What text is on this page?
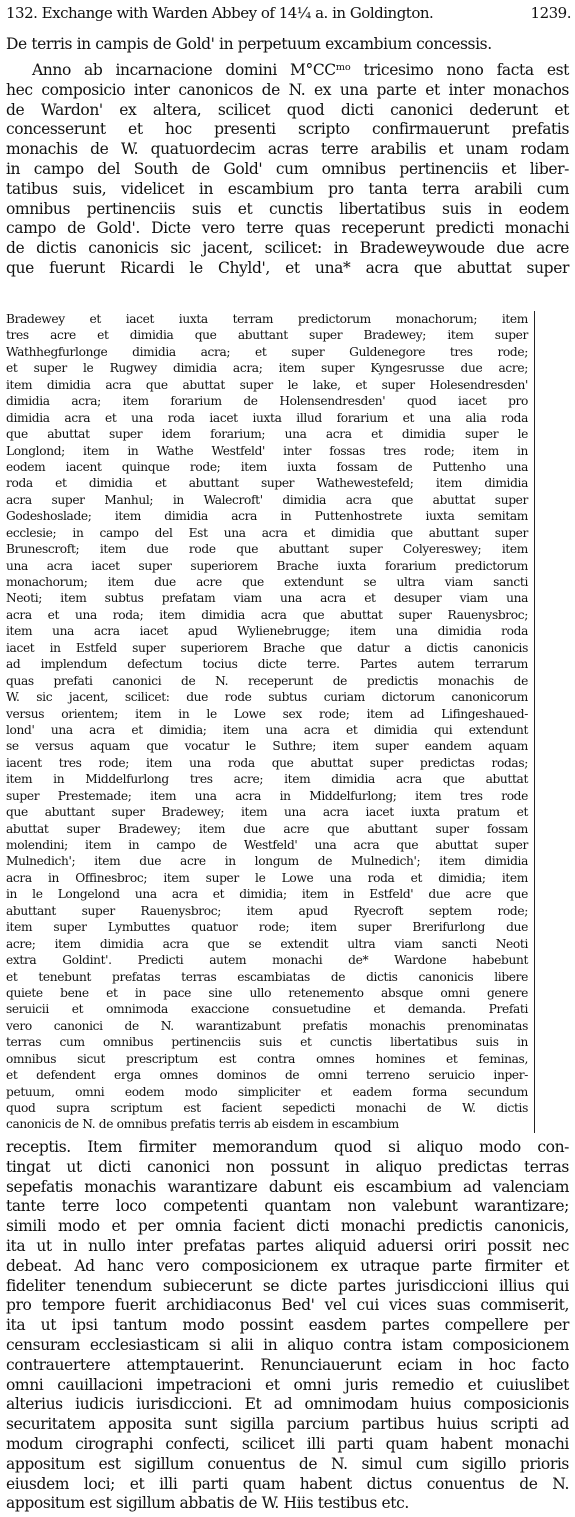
132. Exchange with Warden Abbey of 14¼ a. in Goldington.	1239.
De terris in campis de Gold' in perpetuum excambium concessis.
Anno ab incarnacione domini M°CCᵐᵒ tricesimo nono facta est
hec composicio inter canonicos de N. ex una parte et inter monachos
de Wardon' ex altera, scilicet quod dicti canonici dederunt et
concesserunt et hoc presenti scripto confirmauerunt prefatis
monachis de W. quatuordecim acras terre arabilis et unam rodam
in campo del South de Gold' cum omnibus pertinenciis et liber-
tatibus suis, videlicet in escambium pro tanta terra arabili cum
omnibus pertinenciis suis et cunctis libertatibus suis in eodem
campo de Gold'. Dicte vero terre quas receperunt predicti monachi
de dictis canonicis sic jacent, scilicet: in Bradeweywoude due acre
que fuerunt Ricardi le Chyld', et una* acra que abuttat super
Bradewey et iacet iuxta terram predictorum monachorum; item
tres acre et dimidia que abuttant super Bradewey; item super
Wathhegfurlonge dimidia acra; et super Guldenegore tres rode;
et super le Rugwey dimidia acra; item super Kyngesrusse due acre;
item dimidia acra que abuttat super le lake, et super Holesendresden'
dimidia acra; item forarium de Holensendresden' quod iacet pro
dimidia acra et una roda iacet iuxta illud forarium et una alia roda
que abuttat super idem forarium; una acra et dimidia super le
Longlond; item in Wathe Westfeld' inter fossas tres rode; item in
eodem iacent quinque rode; item iuxta fossam de Puttenho una
roda et dimidia et abuttant super Wathewestefeld; item dimidia
acra super Manhul; in Walecroft' dimidia acra que abuttat super
Godeshoslade; item dimidia acra in Puttenhostrete iuxta semitam
ecclesie; in campo del Est una acra et dimidia que abuttant super
Brunescroft; item due rode que abuttant super Colyereswey; item
una acra iacet super superiorem Brache iuxta forarium predictorum
monachorum; item due acre que extendunt se ultra viam sancti
Neoti; item subtus prefatam viam una acra et desuper viam una
acra et una roda; item dimidia acra que abuttat super Rauenysbroc;
item una acra iacet apud Wylienebrugge; item una dimidia roda
iacet in Estfeld super superiorem Brache que datur a dictis canonicis
ad implendum defectum tocius dicte terre. Partes autem terrarum
quas prefati canonici de N. receperunt de predictis monachis de
W. sic jacent, scilicet: due rode subtus curiam dictorum canonicorum
versus orientem; item in le Lowe sex rode; item ad Lifingeshaued-
lond' una acra et dimidia; item una acra et dimidia qui extendunt
se versus aquam que vocatur le Suthre; item super eandem aquam
iacent tres rode; item una roda que abuttat super predictas rodas;
item in Middelfurlong tres acre; item dimidia acra que abuttat
super Prestemade; item una acra in Middelfurlong; item tres rode
que abuttant super Bradewey; item una acra iacet iuxta pratum et
abuttat super Bradewey; item due acre que abuttant super fossam
molendini; item in campo de Westfeld' una acra que abuttat super
Mulnedich'; item due acre in longum de Mulnedich'; item dimidia
acra in Offinesbroc; item super le Lowe una roda et dimidia; item
in le Longelond una acra et dimidia; item in Estfeld' due acre que
abuttant super Rauenysbroc; item apud Ryecroft septem rode;
item super Lymbuttes quatuor rode; item super Brerifurlong due
acre; item dimidia acra que se extendit ultra viam sancti Neoti
extra Goldint'. Predicti autem monachi de* Wardone habebunt
et tenebunt prefatas terras escambiatas de dictis canonicis libere
quiete bene et in pace sine ullo retenemento absque omni genere
seruicii et omnimoda exaccione consuetudine et demanda. Prefati
vero canonici de N. warantizabunt prefatis monachis prenominatas
terras cum omnibus pertinenciis suis et cunctis libertatibus suis in
omnibus sicut prescriptum est contra omnes homines et feminas,
et defendent erga omnes dominos de omni terreno seruicio inper-
petuum, omni eodem modo simpliciter et eadem forma secundum
quod supra scriptum est facient sepedicti monachi de W. dictis
canonicis de N. de omnibus prefatis terris ab eisdem in escambium
receptis. Item firmiter memorandum quod si aliquo modo con-
tingat ut dicti canonici non possunt in aliquo predictas terras
sepefatis monachis warantizare dabunt eis escambium ad valenciam
tante terre loco competenti quantam non valebunt warantizare;
simili modo et per omnia facient dicti monachi predictis canonicis,
ita ut in nullo inter prefatas partes aliquid aduersi oriri possit nec
debeat. Ad hanc vero composicionem ex utraque parte firmiter et
fideliter tenendum subiecerunt se dicte partes jurisdiccioni illius qui
pro tempore fuerit archidiaconus Bed' vel cui vices suas commiserit,
ita ut ipsi tantum modo possint easdem partes compellere per
censuram ecclesiasticam si alii in aliquo contra istam composicionem
contrauertere attemptauerint. Renunciauerunt eciam in hoc facto
omni cauillacioni impetracioni et omni juris remedio et cuiuslibet
alterius iudicis iurisdiccioni. Et ad omnimodam huius composicionis
securitatem apposita sunt sigilla parcium partibus huius scripti ad
modum cirographi confecti, scilicet illi parti quam habent monachi
appositum est sigillum conuentus de N. simul cum sigillo prioris
eiusdem loci; et illi parti quam habent dictus conuentus de N.
appositum est sigillum abbatis de W. Hiis testibus etc.
